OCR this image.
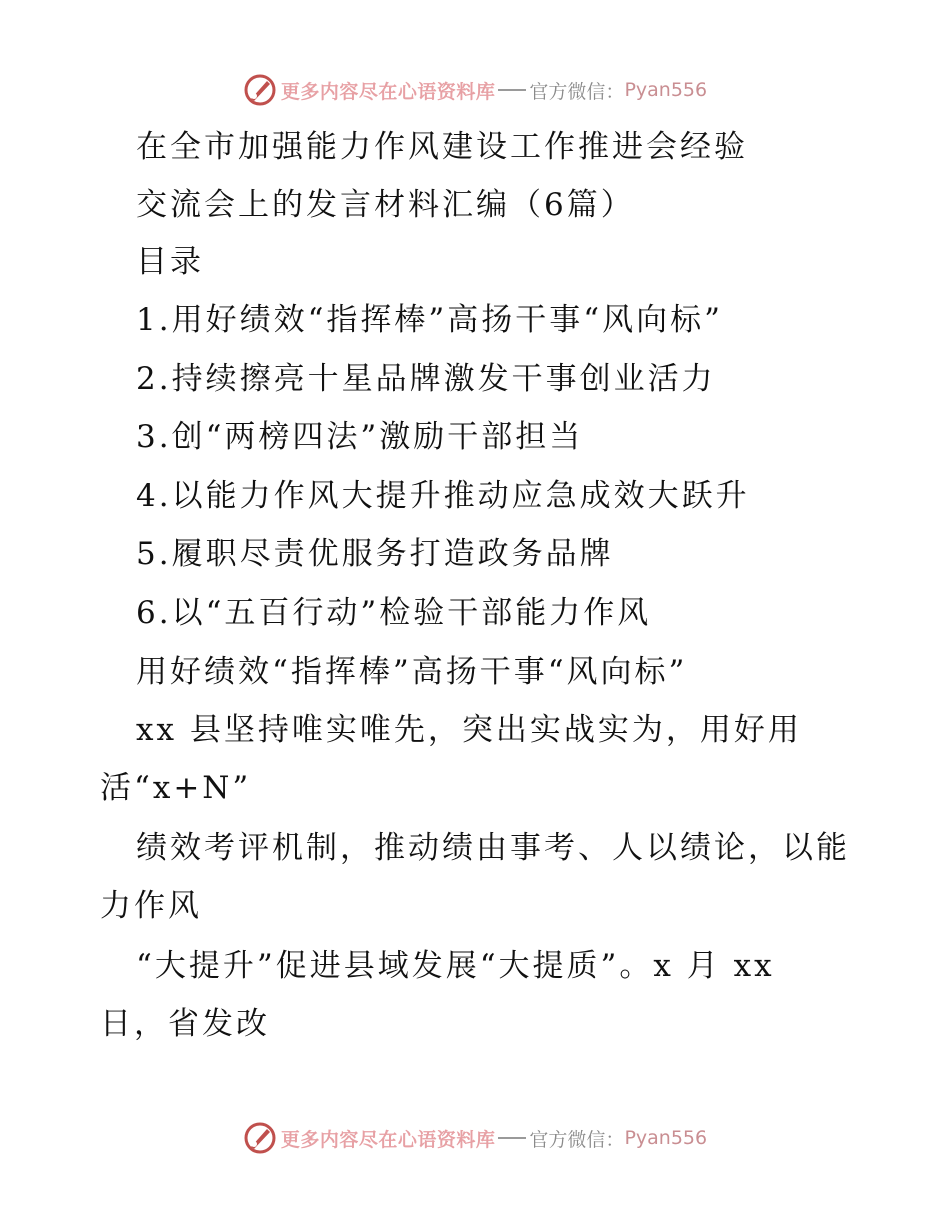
更多内容尽在心语资料库 官方微信： Pyan556
在全市加强能力作风建设工作推进会经验
交流会上的发言材料汇编（6篇）
目录
1.用好绩效“指挥棒”高扬干事“风向标”
2.持续擦亮十星品牌激发干事创业活力
3.创“两榜四法”激励干部担当
4.以能力作风大提升推动应急成效大跃升
5.履职尽责优服务打造政务品牌
6.以“五百行动”检验干部能力作风
用好绩效“指挥棒”高扬干事“风向标”
xx 县坚持唯实唯先，突出实战实为，用好用
活“x+N”
绩效考评机制，推动绩由事考、人以绩论，以能
力作风
“大提升”促进县域发展“大提质”。x 月 xx
日，省发改
更多内容尽在心语资料库 官方微信： Pyan556
